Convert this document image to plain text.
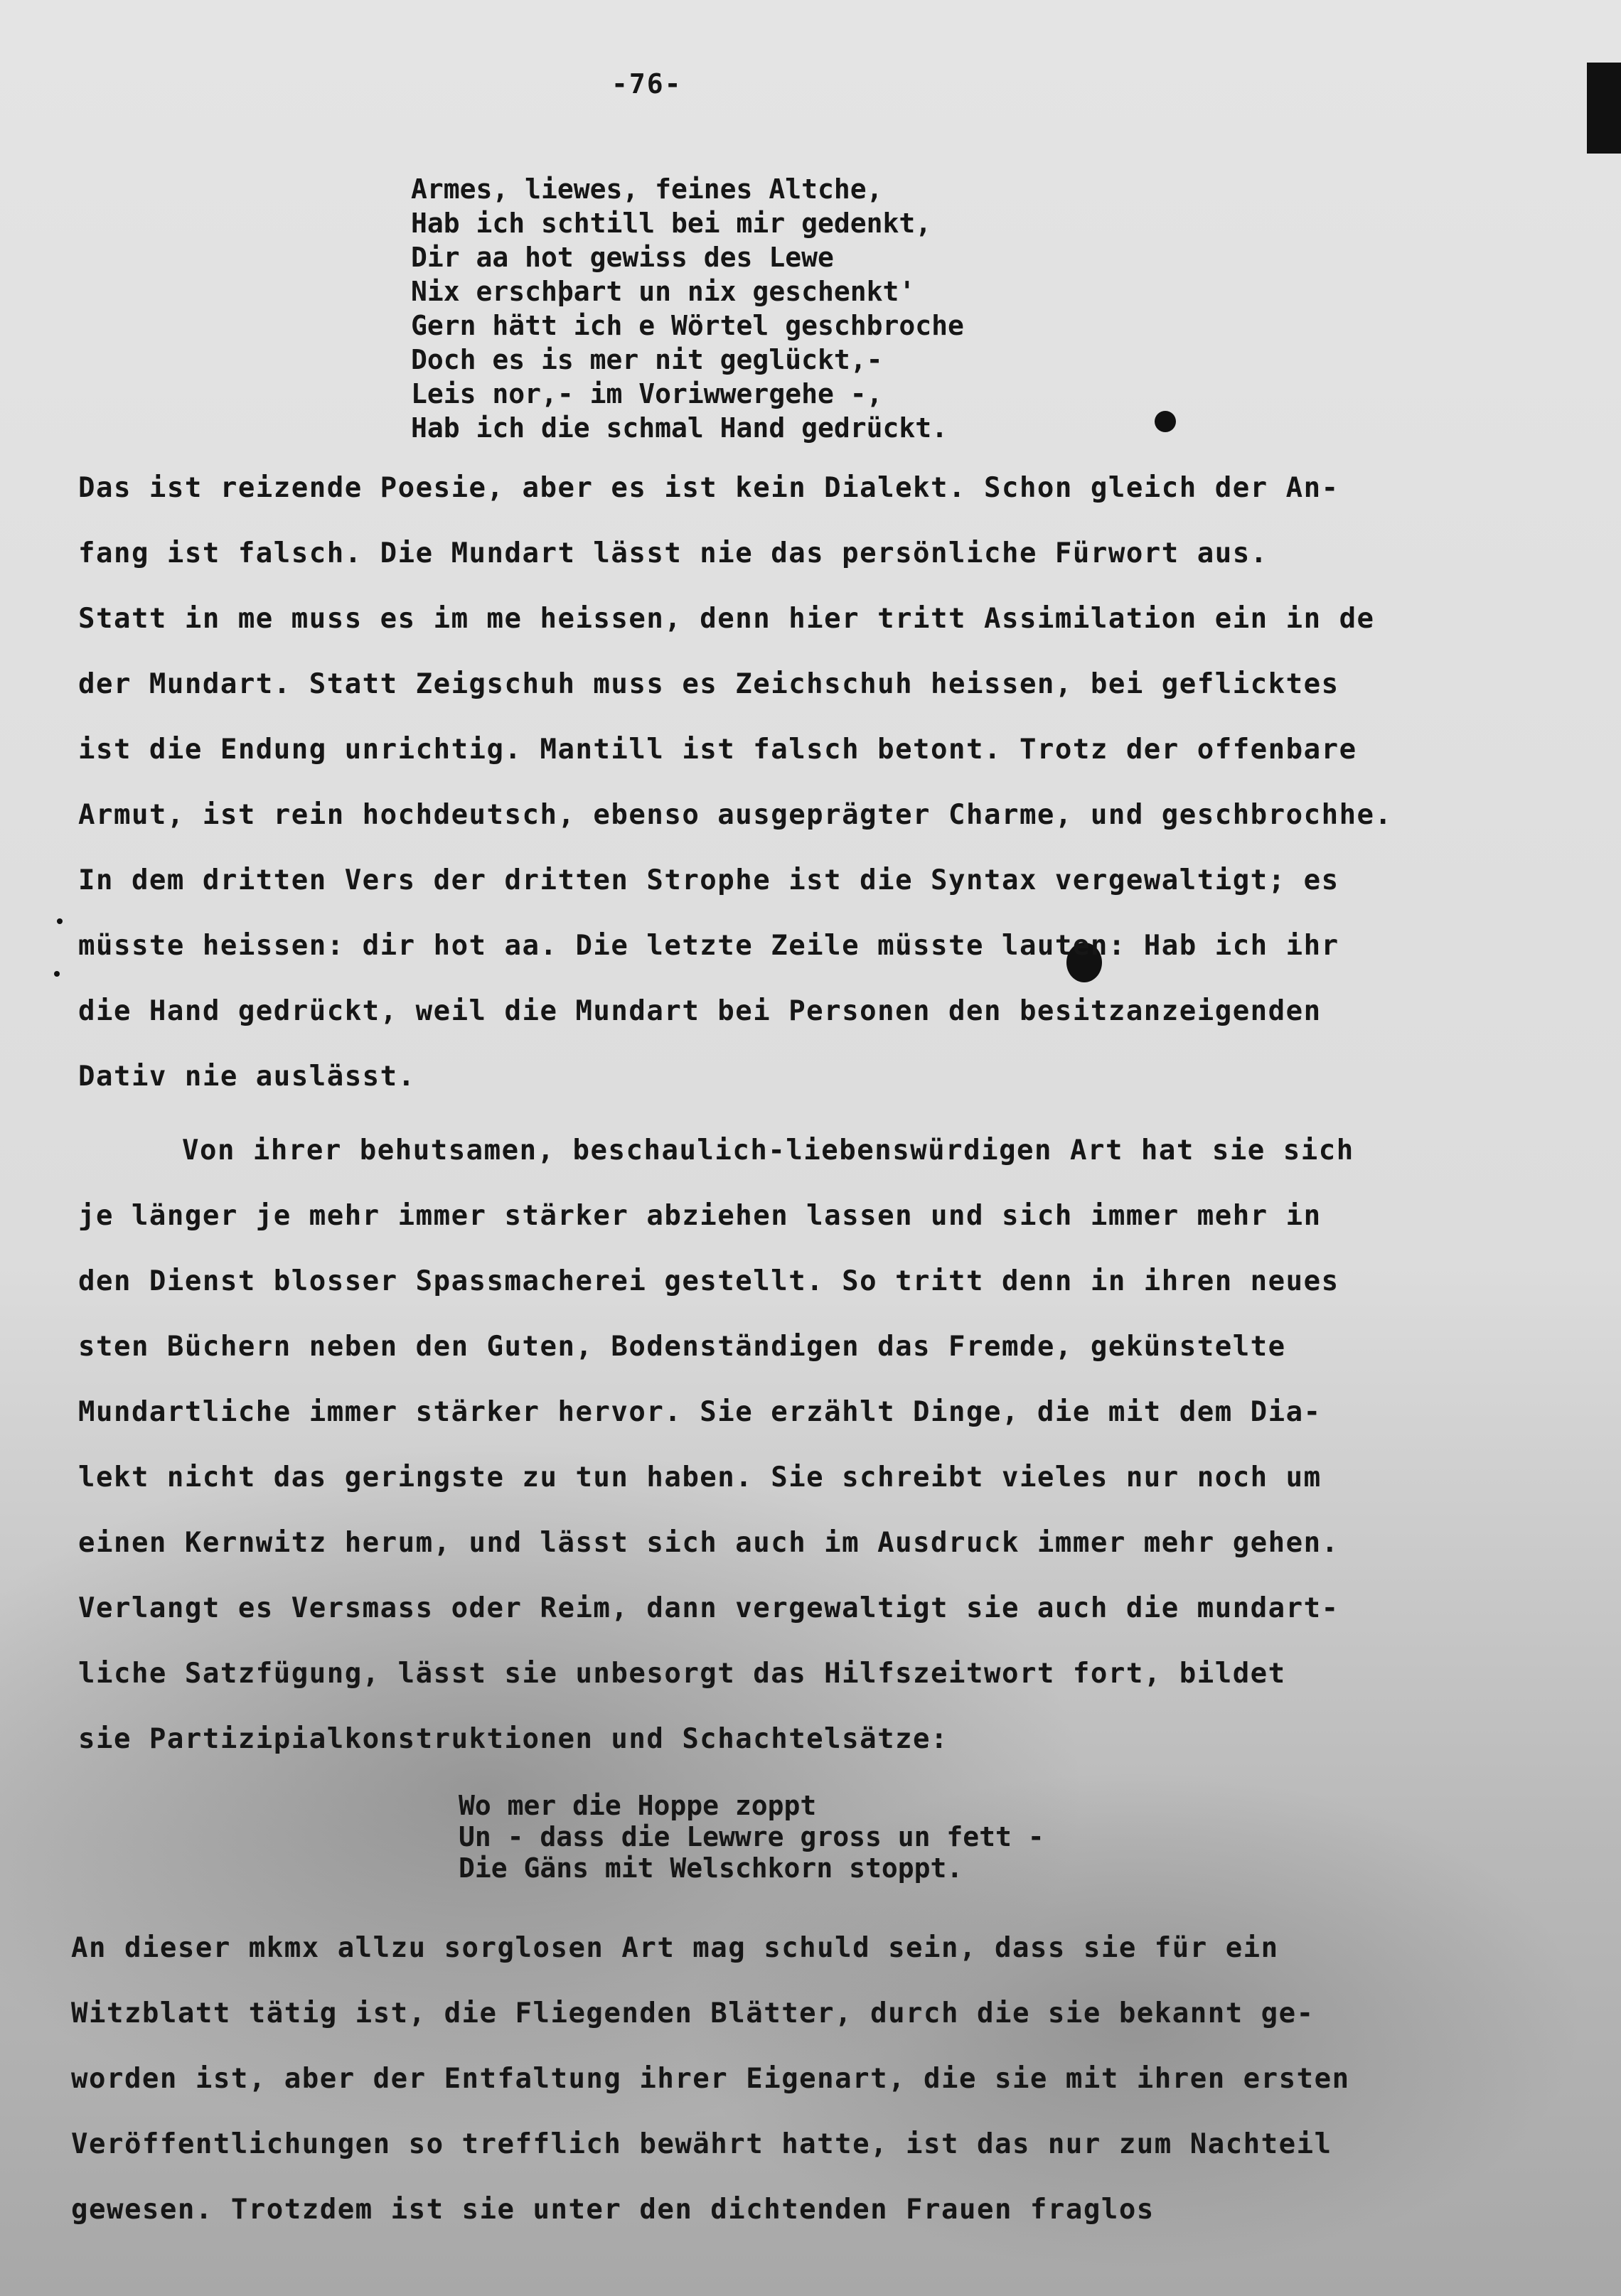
-76-
Armes, liewes, feines Altche,
Hab ich schtill bei mir gedenkt,
Dir aa hot gewiss des Lewe
Nix erschþart un nix geschenkt'
Gern hätt ich e Wörtel geschbroche
Doch es is mer nit geglückt,-
Leis nor,- im Voriwwergehe -,
Hab ich die schmal Hand gedrückt.
Das ist reizende Poesie, aber es ist kein Dialekt. Schon gleich der An-
fang ist falsch. Die Mundart lässt nie das persönliche Fürwort aus.
Statt in me muss es im me heissen, denn hier tritt Assimilation ein in de
der Mundart. Statt Zeigschuh muss es Zeichschuh heissen, bei geflicktes
ist die Endung unrichtig. Mantill ist falsch betont. Trotz der offenbare
Armut, ist rein hochdeutsch, ebenso ausgeprägter Charme, und geschbrochhe.
In dem dritten Vers der dritten Strophe ist die Syntax vergewaltigt; es
müsste heissen: dir hot aa. Die letzte Zeile müsste lauten: Hab ich ihr
die Hand gedrückt, weil die Mundart bei Personen den besitzanzeigenden
Dativ nie auslässt.
Von ihrer behutsamen, beschaulich-liebenswürdigen Art hat sie sich
je länger je mehr immer stärker abziehen lassen und sich immer mehr in
den Dienst blosser Spassmacherei gestellt. So tritt denn in ihren neues
sten Büchern neben den Guten, Bodenständigen das Fremde, gekünstelte
Mundartliche immer stärker hervor. Sie erzählt Dinge, die mit dem Dia-
lekt nicht das geringste zu tun haben. Sie schreibt vieles nur noch um
einen Kernwitz herum, und lässt sich auch im Ausdruck immer mehr gehen.
Verlangt es Versmass oder Reim, dann vergewaltigt sie auch die mundart-
liche Satzfügung, lässt sie unbesorgt das Hilfszeitwort fort, bildet
sie Partizipialkonstruktionen und Schachtelsätze:
Wo mer die Hoppe zoppt
Un - dass die Lewwre gross un fett -
Die Gäns mit Welschkorn stoppt.
An dieser mkmx allzu sorglosen Art mag schuld sein, dass sie für ein
Witzblatt tätig ist, die Fliegenden Blätter, durch die sie bekannt ge-
worden ist, aber der Entfaltung ihrer Eigenart, die sie mit ihren ersten
Veröffentlichungen so trefflich bewährt hatte, ist das nur zum Nachteil
gewesen. Trotzdem ist sie unter den dichtenden Frauen fraglos
